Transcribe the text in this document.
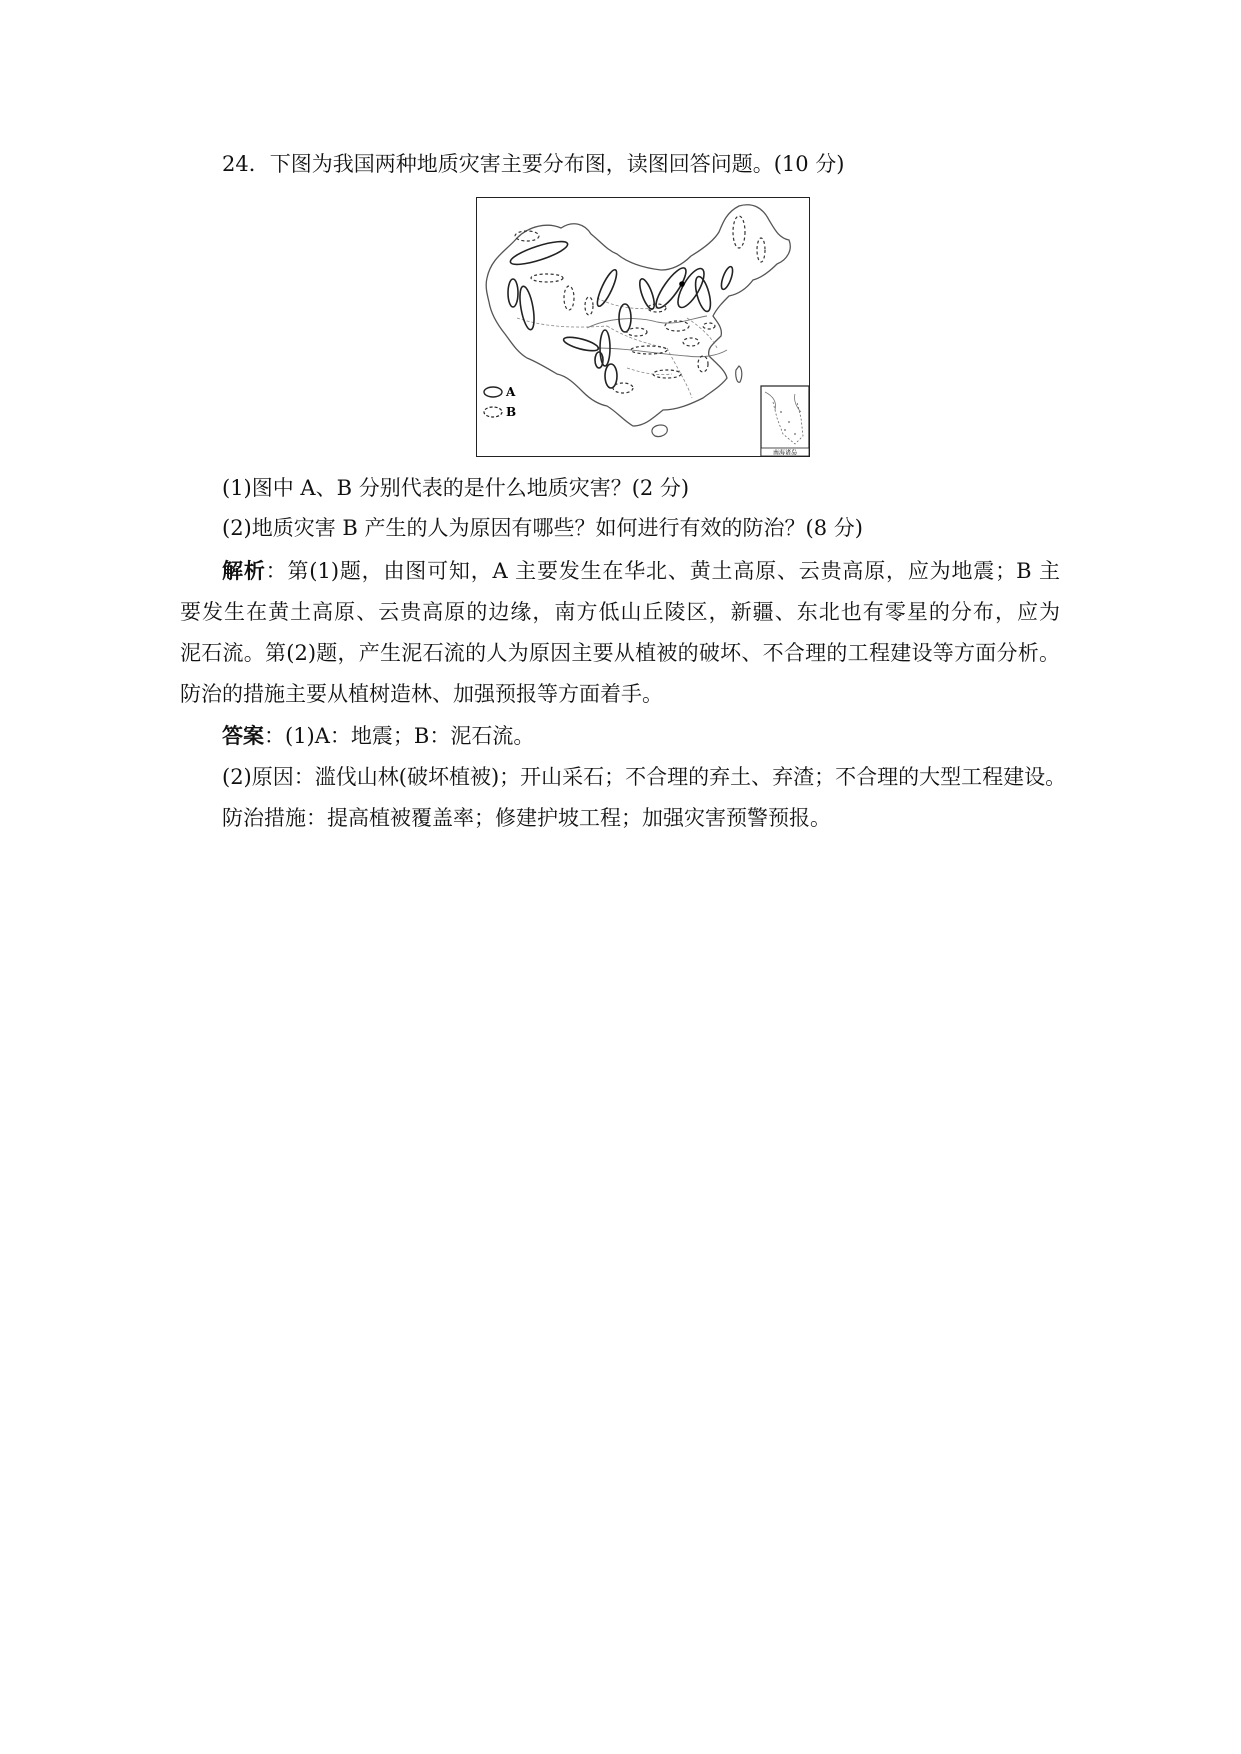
24．下图为我国两种地质灾害主要分布图，读图回答问题。(10 分)
A
B
南海诸岛
(1)图中 A、B 分别代表的是什么地质灾害？(2 分)
(2)地质灾害 B 产生的人为原因有哪些？如何进行有效的防治？(8 分)
解析：第(1)题，由图可知，A 主要发生在华北、黄土高原、云贵高原，应为地震；B 主
要发生在黄土高原、云贵高原的边缘，南方低山丘陵区，新疆、东北也有零星的分布，应为
泥石流。第(2)题，产生泥石流的人为原因主要从植被的破坏、不合理的工程建设等方面分析。
防治的措施主要从植树造林、加强预报等方面着手。
答案：(1)A：地震；B：泥石流。
(2)原因：滥伐山林(破坏植被)；开山采石；不合理的弃土、弃渣；不合理的大型工程建设。
防治措施：提高植被覆盖率；修建护坡工程；加强灾害预警预报。
